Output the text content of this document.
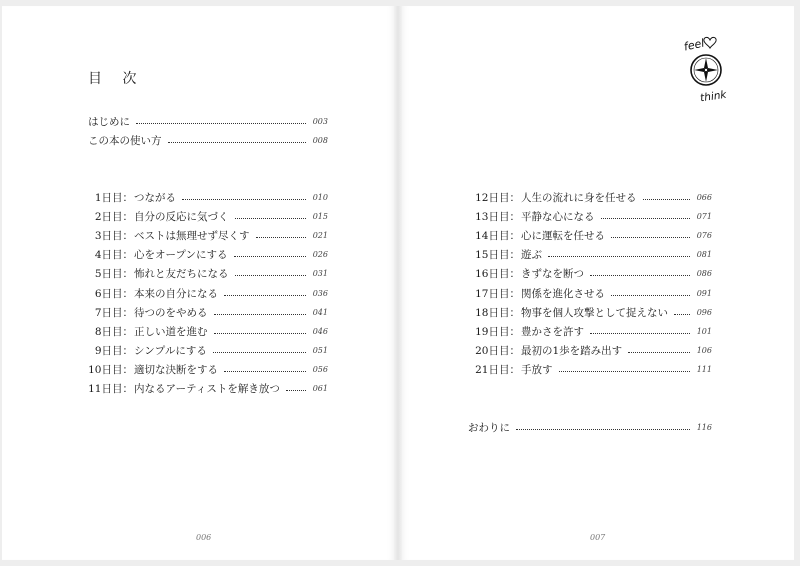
目 次
はじめに	003
この本の使い方	008
1日目： つながる	010
2日目： 自分の反応に気づく	015
3日目： ベストは無理せず尽くす	021
4日目： 心をオープンにする	026
5日目： 怖れと友だちになる	031
6日目： 本来の自分になる	036
7日目： 待つのをやめる	041
8日目： 正しい道を進む	046
9日目： シンプルにする	051
10日目： 適切な決断をする	056
11日目： 内なるアーティストを解き放つ	061
12日目： 人生の流れに身を任せる	066
13日目： 平静な心になる	071
14日目： 心に運転を任せる	076
15日目： 遊ぶ	081
16日目： きずなを断つ	086
17日目： 関係を進化させる	091
18日目： 物事を個人攻撃として捉えない	096
19日目： 豊かさを許す	101
20日目： 最初の1歩を踏み出す	106
21日目： 手放す	111
おわりに	116
006	007
feel
think
